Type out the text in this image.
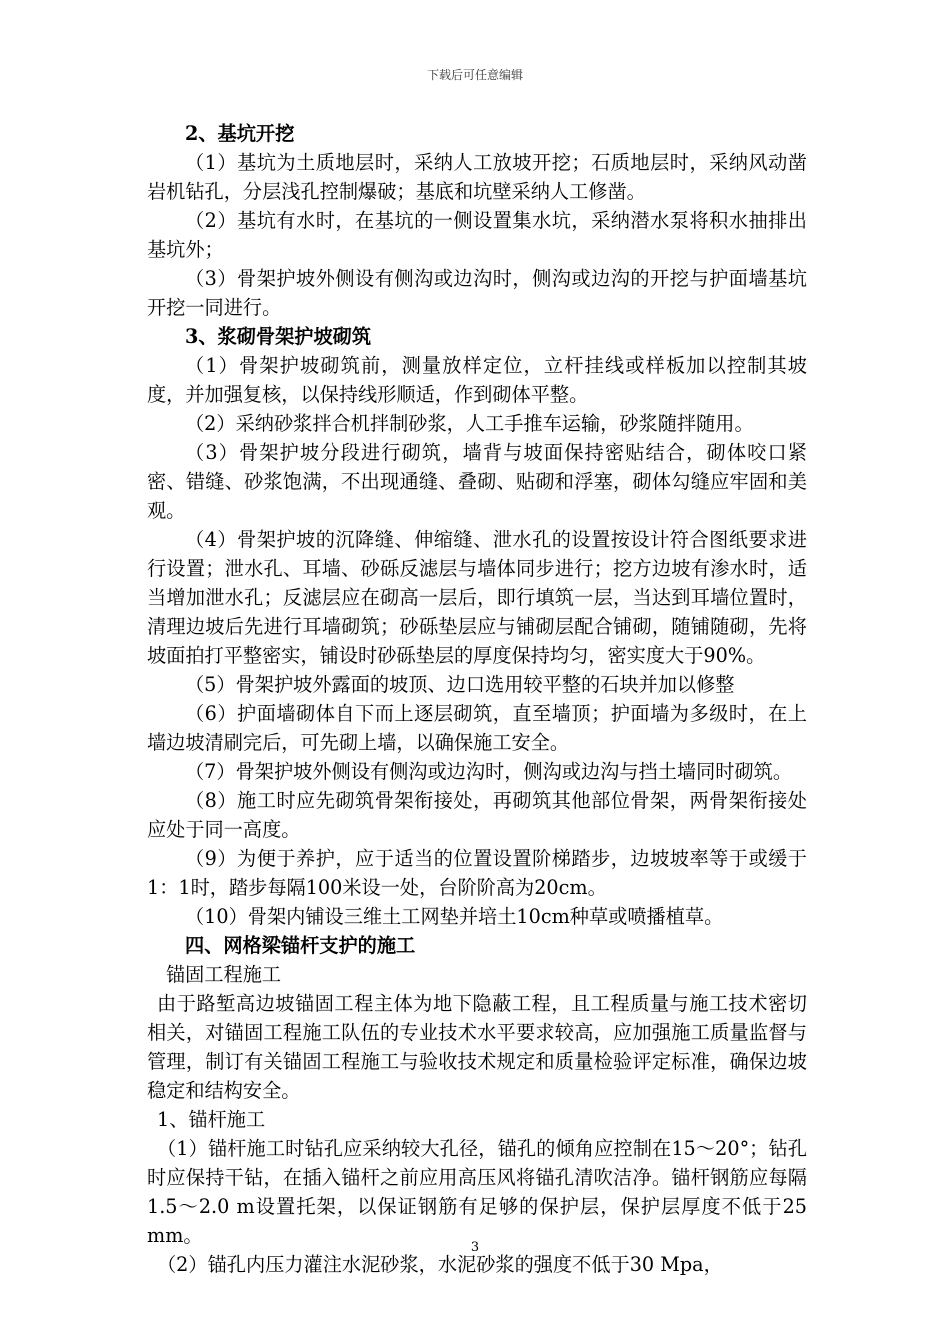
下载后可任意编辑

2、基坑开挖

（1）基坑为土质地层时，采纳人工放坡开挖；石质地层时，采纳风动凿岩机钻孔，分层浅孔控制爆破；基底和坑壁采纳人工修凿。

（2）基坑有水时，在基坑的一侧设置集水坑，采纳潜水泵将积水抽排出基坑外；

（3）骨架护坡外侧设有侧沟或边沟时，侧沟或边沟的开挖与护面墙基坑开挖一同进行。

3、浆砌骨架护坡砌筑

（1）骨架护坡砌筑前，测量放样定位，立杆挂线或样板加以控制其坡度，并加强复核，以保持线形顺适，作到砌体平整。

（2）采纳砂浆拌合机拌制砂浆，人工手推车运输，砂浆随拌随用。

（3）骨架护坡分段进行砌筑，墙背与坡面保持密贴结合，砌体咬口紧密、错缝、砂浆饱满，不出现通缝、叠砌、贴砌和浮塞，砌体勾缝应牢固和美观。

（4）骨架护坡的沉降缝、伸缩缝、泄水孔的设置按设计符合图纸要求进行设置；泄水孔、耳墙、砂砾反滤层与墙体同步进行；挖方边坡有渗水时，适当增加泄水孔；反滤层应在砌高一层后，即行填筑一层，当达到耳墙位置时，清理边坡后先进行耳墙砌筑；砂砾垫层应与铺砌层配合铺砌，随铺随砌，先将坡面拍打平整密实，铺设时砂砾垫层的厚度保持均匀，密实度大于90%。

（5）骨架护坡外露面的坡顶、边口选用较平整的石块并加以修整

（6）护面墙砌体自下而上逐层砌筑，直至墙顶；护面墙为多级时，在上墙边坡清刷完后，可先砌上墙，以确保施工安全。

（7）骨架护坡外侧设有侧沟或边沟时，侧沟或边沟与挡土墙同时砌筑。

（8）施工时应先砌筑骨架衔接处，再砌筑其他部位骨架，两骨架衔接处应处于同一高度。

（9）为便于养护，应于适当的位置设置阶梯踏步，边坡坡率等于或缓于1：1时，踏步每隔100米设一处，台阶阶高为20cm。

（10）骨架内铺设三维土工网垫并培土10cm种草或喷播植草。

四、网格梁锚杆支护的施工

锚固工程施工

由于路堑高边坡锚固工程主体为地下隐蔽工程，且工程质量与施工技术密切相关，对锚固工程施工队伍的专业技术水平要求较高，应加强施工质量监督与管理，制订有关锚固工程施工与验收技术规定和质量检验评定标准，确保边坡稳定和结构安全。

1、锚杆施工

（1）锚杆施工时钻孔应采纳较大孔径，锚孔的倾角应控制在15～20°；钻孔时应保持干钻，在插入锚杆之前应用高压风将锚孔清吹洁净。锚杆钢筋应每隔1.5～2.0 m设置托架，以保证钢筋有足够的保护层，保护层厚度不低于25 mm。

（2）锚孔内压力灌注水泥砂浆，水泥砂浆的强度不低于30 Mpa，

3
